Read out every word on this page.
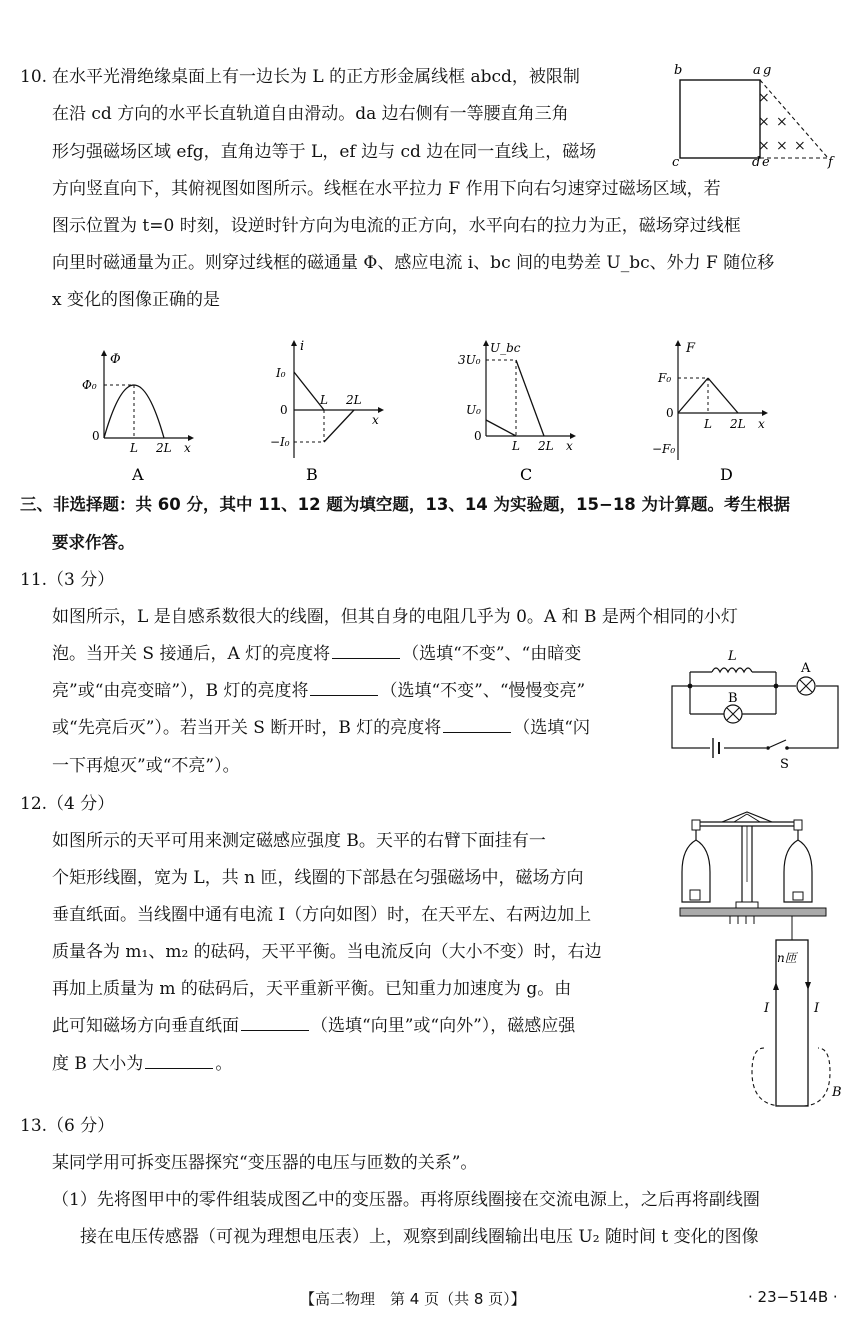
10. 在水平光滑绝缘桌面上有一边长为 L 的正方形金属线框 abcd，被限制
在沿 cd 方向的水平长直轨道自由滑动。da 边右侧有一等腰直角三角
形匀强磁场区域 efg，直角边等于 L，ef 边与 cd 边在同一直线上，磁场
方向竖直向下，其俯视图如图所示。线框在水平拉力 F 作用下向右匀速穿过磁场区域，若
图示位置为 t=0 时刻，设逆时针方向为电流的正方向，水平向右的拉力为正，磁场穿过线框
向里时磁通量为正。则穿过线框的磁通量 Φ、感应电流 i、bc 间的电势差 U_bc、外力 F 随位移
x 变化的图像正确的是
×
× ×
× × ×
b	a g
c	d e	f
Φ
Φ₀
0
L 2L x
A
i
I₀
0
−I₀
L 2L
x
B
U_bc
3U₀
U₀
0
L 2L x
C
F
F₀
0
−F₀
L 2L x
D
三、非选择题：共 60 分，其中 11、12 题为填空题，13、14 为实验题，15−18 为计算题。考生根据
要求作答。
11.（3 分）
如图所示，L 是自感系数很大的线圈，但其自身的电阻几乎为 0。A 和 B 是两个相同的小灯
泡。当开关 S 接通后，A 灯的亮度将	（选填“不变”、“由暗变
亮”或“由亮变暗”），B 灯的亮度将	（选填“不变”、“慢慢变亮”
或“先亮后灭”）。若当开关 S 断开时，B 灯的亮度将	（选填“闪
一下再熄灭”或“不亮”）。
L
B
A
S
12.（4 分）
如图所示的天平可用来测定磁感应强度 B。天平的右臂下面挂有一
个矩形线圈，宽为 L，共 n 匝，线圈的下部悬在匀强磁场中，磁场方向
垂直纸面。当线圈中通有电流 I（方向如图）时，在天平左、右两边加上
质量各为 m₁、m₂ 的砝码，天平平衡。当电流反向（大小不变）时，右边
再加上质量为 m 的砝码后，天平重新平衡。已知重力加速度为 g。由
此可知磁场方向垂直纸面	（选填“向里”或“向外”），磁感应强
度 B 大小为	。
n匝
I	I
B
13.（6 分）
某同学用可拆变压器探究“变压器的电压与匝数的关系”。
（1）先将图甲中的零件组装成图乙中的变压器。再将原线圈接在交流电源上，之后再将副线圈
接在电压传感器（可视为理想电压表）上，观察到副线圈输出电压 U₂ 随时间 t 变化的图像
【高二物理　第 4 页（共 8 页）】	· 23−514B ·
